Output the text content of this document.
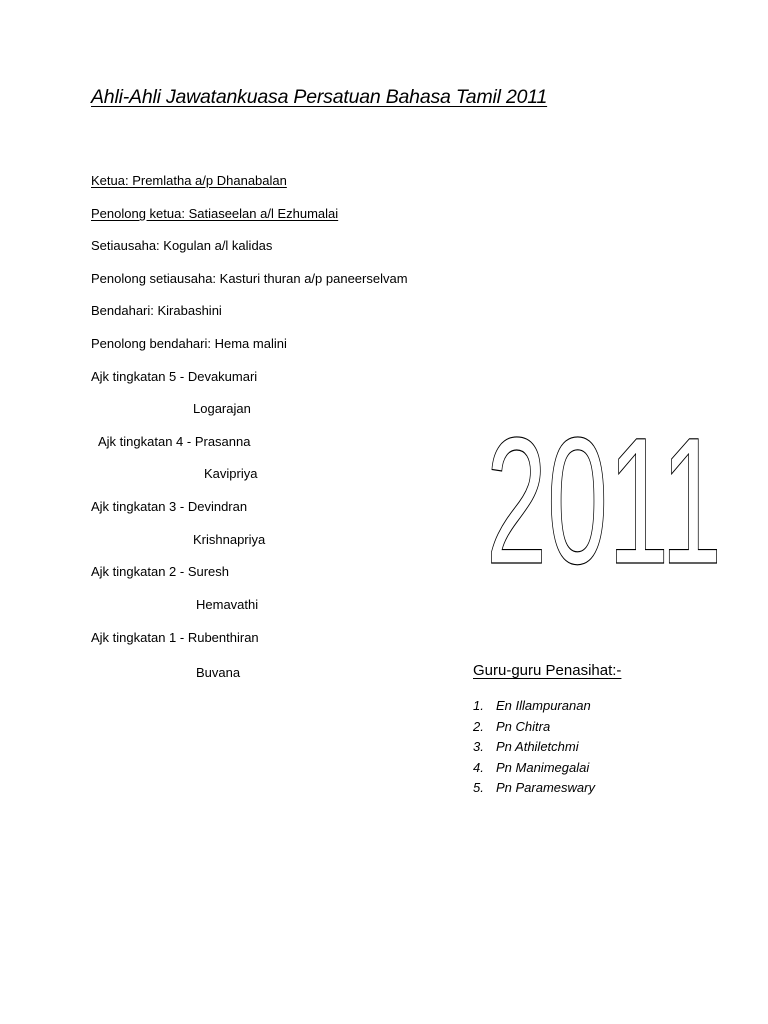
Ahli-Ahli Jawatankuasa Persatuan Bahasa Tamil 2011
Ketua: Premlatha a/p Dhanabalan
Penolong ketua: Satiaseelan a/l Ezhumalai
Setiausaha: Kogulan a/l kalidas
Penolong setiausaha: Kasturi thuran a/p paneerselvam
Bendahari: Kirabashini
Penolong bendahari: Hema malini
Ajk tingkatan 5 - Devakumari
Logarajan
Ajk tingkatan 4 - Prasanna
Kavipriya
Ajk tingkatan 3 - Devindran
Krishnapriya
Ajk tingkatan 2 - Suresh
Hemavathi
Ajk tingkatan 1 - Rubenthiran
Buvana
2011
Guru-guru Penasihat:-
1. En Illampuranan
2. Pn Chitra
3. Pn Athiletchmi
4. Pn Manimegalai
5. Pn Parameswary
